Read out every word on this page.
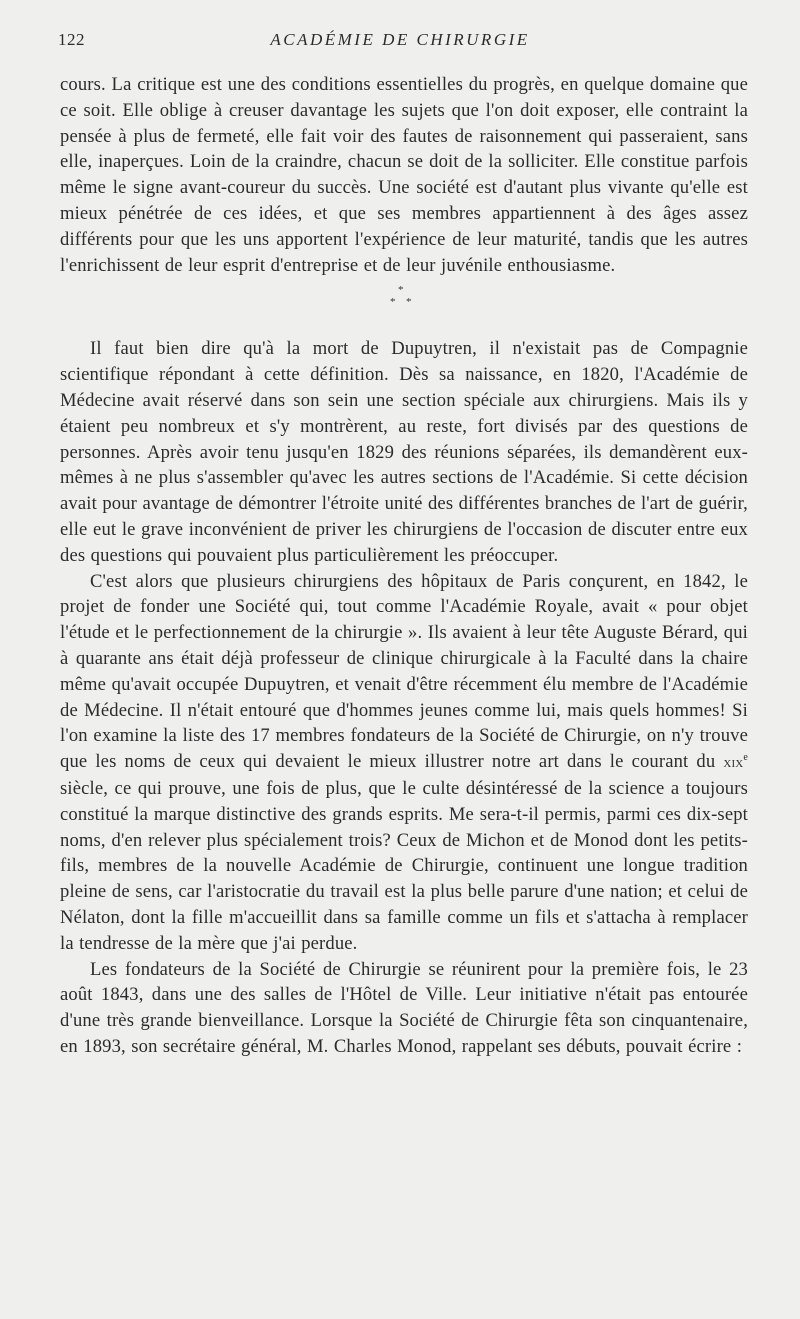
122	ACADÉMIE DE CHIRURGIE

cours. La critique est une des conditions essentielles du progrès, en quelque domaine que ce soit. Elle oblige à creuser davantage les sujets que l'on doit exposer, elle contraint la pensée à plus de fermeté, elle fait voir des fautes de raisonnement qui passeraient, sans elle, inaperçues. Loin de la craindre, chacun se doit de la solliciter. Elle constitue parfois même le signe avant-coureur du succès. Une société est d'autant plus vivante qu'elle est mieux pénétrée de ces idées, et que ses membres appartiennent à des âges assez différents pour que les uns apportent l'expérience de leur maturité, tandis que les autres l'enrichissent de leur esprit d'entreprise et de leur juvénile enthousiasme.

*
* *

Il faut bien dire qu'à la mort de Dupuytren, il n'existait pas de Compagnie scientifique répondant à cette définition. Dès sa naissance, en 1820, l'Académie de Médecine avait réservé dans son sein une section spéciale aux chirurgiens. Mais ils y étaient peu nombreux et s'y montrèrent, au reste, fort divisés par des questions de personnes. Après avoir tenu jusqu'en 1829 des réunions séparées, ils demandèrent eux-mêmes à ne plus s'assembler qu'avec les autres sections de l'Académie. Si cette décision avait pour avantage de démontrer l'étroite unité des différentes branches de l'art de guérir, elle eut le grave inconvénient de priver les chirurgiens de l'occasion de discuter entre eux des questions qui pouvaient plus particulièrement les préoccuper.

C'est alors que plusieurs chirurgiens des hôpitaux de Paris conçurent, en 1842, le projet de fonder une Société qui, tout comme l'Académie Royale, avait « pour objet l'étude et le perfectionnement de la chirurgie ». Ils avaient à leur tête Auguste Bérard, qui à quarante ans était déjà professeur de clinique chirurgicale à la Faculté dans la chaire même qu'avait occupée Dupuytren, et venait d'être récemment élu membre de l'Académie de Médecine. Il n'était entouré que d'hommes jeunes comme lui, mais quels hommes! Si l'on examine la liste des 17 membres fondateurs de la Société de Chirurgie, on n'y trouve que les noms de ceux qui devaient le mieux illustrer notre art dans le courant du xix$^e$ siècle, ce qui prouve, une fois de plus, que le culte désintéressé de la science a toujours constitué la marque distinctive des grands esprits. Me sera-t-il permis, parmi ces dix-sept noms, d'en relever plus spécialement trois? Ceux de Michon et de Monod dont les petits-fils, membres de la nouvelle Académie de Chirurgie, continuent une longue tradition pleine de sens, car l'aristocratie du travail est la plus belle parure d'une nation; et celui de Nélaton, dont la fille m'accueillit dans sa famille comme un fils et s'attacha à remplacer la tendresse de la mère que j'ai perdue.

Les fondateurs de la Société de Chirurgie se réunirent pour la première fois, le 23 août 1843, dans une des salles de l'Hôtel de Ville. Leur initiative n'était pas entourée d'une très grande bienveillance. Lorsque la Société de Chirurgie fêta son cinquantenaire, en 1893, son secrétaire général, M. Charles Monod, rappelant ses débuts, pouvait écrire :
